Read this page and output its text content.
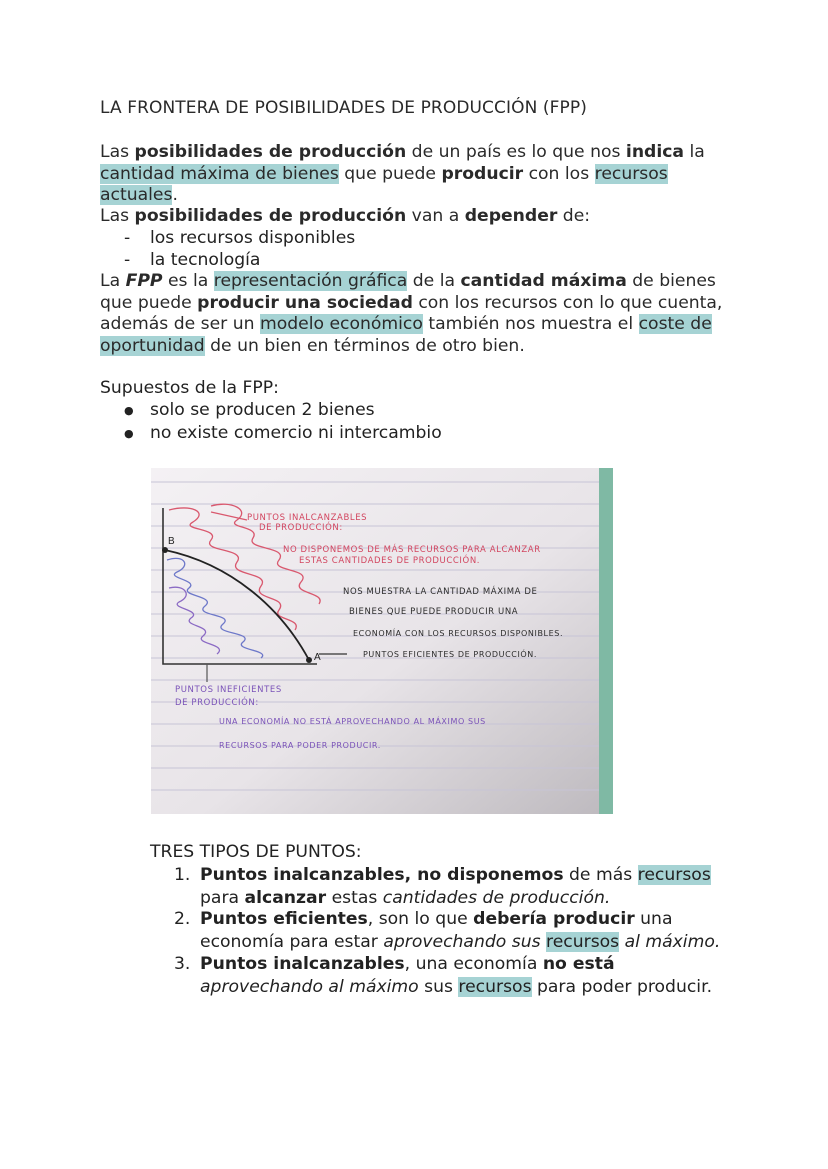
LA FRONTERA DE POSIBILIDADES DE PRODUCCIÓN (FPP)
Las posibilidades de producción de un país es lo que nos indica la cantidad máxima de bienes que puede producir con los recursos actuales.
Las posibilidades de producción van a depender de:
- los recursos disponibles
- la tecnología
La FPP es la representación gráfica de la cantidad máxima de bienes que puede producir una sociedad con los recursos con lo que cuenta, además de ser un modelo económico también nos muestra el coste de oportunidad de un bien en términos de otro bien.
Supuestos de la FPP:
● solo se producen 2 bienes
● no existe comercio ni intercambio
B
A
PUNTOS INALCANZABLES
DE PRODUCCIÓN:
NO DISPONEMOS DE MÁS RECURSOS PARA ALCANZAR
ESTAS CANTIDADES DE PRODUCCIÓN.
NOS MUESTRA LA CANTIDAD MÁXIMA DE
BIENES QUE PUEDE PRODUCIR UNA
ECONOMÍA CON LOS RECURSOS DISPONIBLES.
PUNTOS EFICIENTES DE PRODUCCIÓN.
PUNTOS INEFICIENTES
DE PRODUCCIÓN:
UNA ECONOMÍA NO ESTÁ APROVECHANDO AL MÁXIMO SUS
RECURSOS PARA PODER PRODUCIR.
TRES TIPOS DE PUNTOS:
1. Puntos inalcanzables, no disponemos de más recursos para alcanzar estas cantidades de producción.
2. Puntos eficientes, son lo que debería producir una economía para estar aprovechando sus recursos al máximo.
3. Puntos inalcanzables, una economía no está aprovechando al máximo sus recursos para poder producir.
